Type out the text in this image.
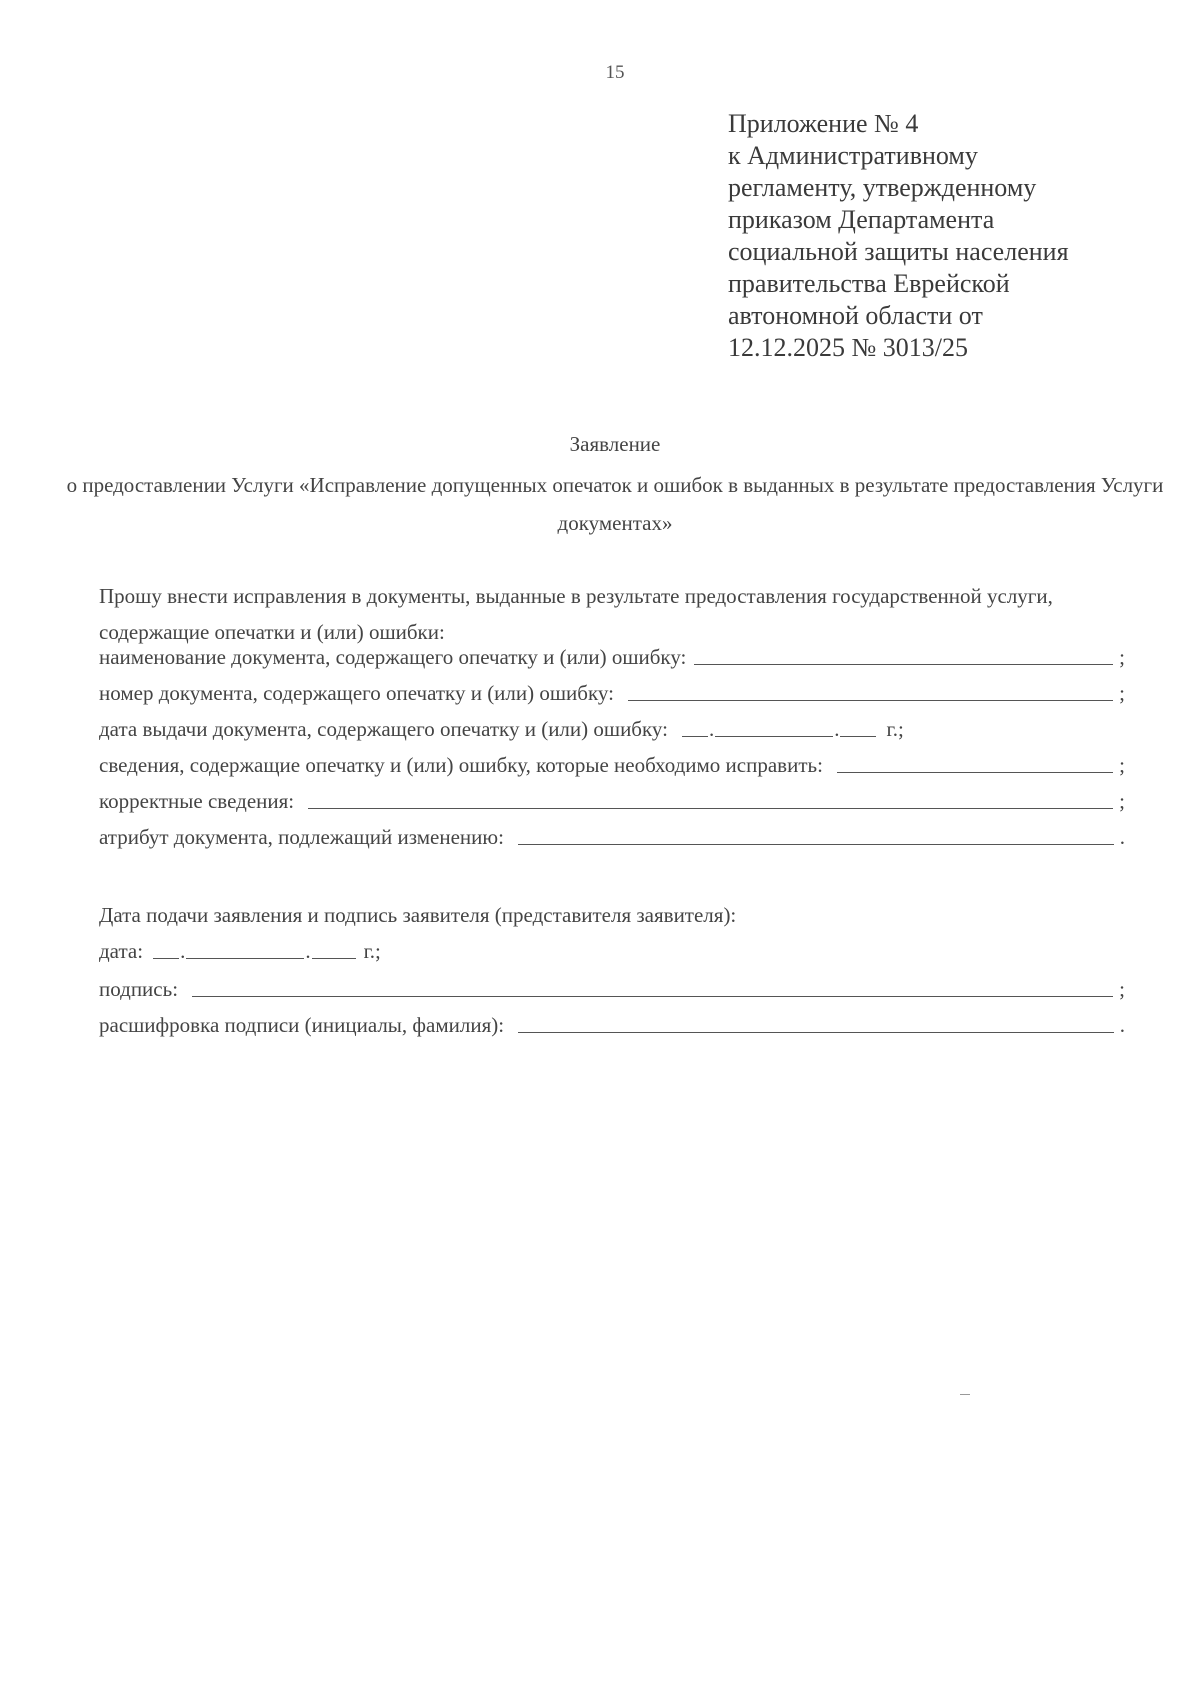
15
Приложение № 4
к Административному
регламенту, утвержденному
приказом Департамента
социальной защиты населения
правительства Еврейской
автономной области от
12.12.2025 № 3013/25
Заявление
о предоставлении Услуги «Исправление допущенных опечаток и ошибок в выданных в результате предоставления Услуги документах»
Прошу внести исправления в документы, выданные в результате предоставления государственной услуги, содержащие опечатки и (или) ошибки:
наименование документа, содержащего опечатку и (или) ошибку:	;
номер документа, содержащего опечатку и (или) ошибку:	;
дата выдачи документа, содержащего опечатку и (или) ошибку: .	. г.;
сведения, содержащие опечатку и (или) ошибку, которые необходимо исправить:	;
корректные сведения:	;
атрибут документа, подлежащий изменению:	.
Дата подачи заявления и подпись заявителя (представителя заявителя):
дата: .	.	г.;
подпись:	;
расшифровка подписи (инициалы, фамилия):	.
